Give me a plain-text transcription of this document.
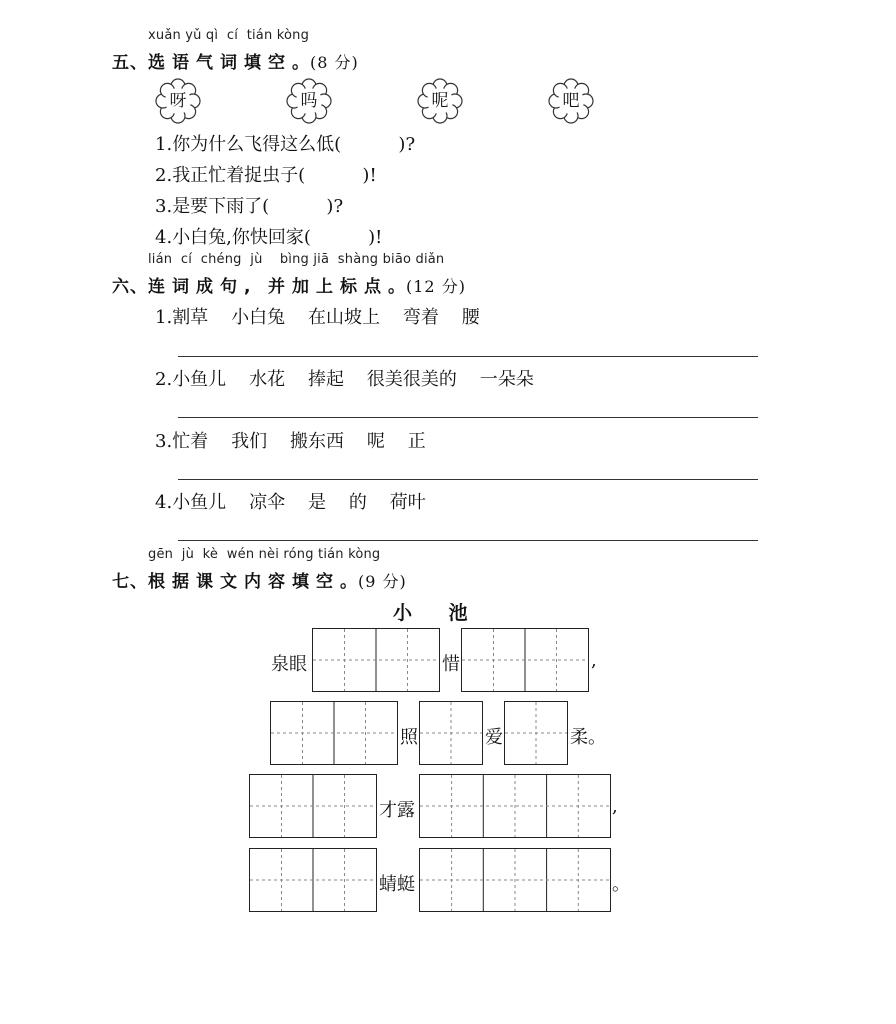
xuǎn yǔ qì  cí  tián kòng
五、选 语 气 词 填 空 。(8 分)
呀	吗	呢	吧
1.你为什么飞得这么低(          )?
2.我正忙着捉虫子(          )!
3.是要下雨了(          )?
4.小白兔,你快回家(          )!
lián  cí  chéng  jù    bìng jiā  shàng biāo diǎn
六、连 词 成 句 , 并 加 上 标 点 。(12 分)
1.割草    小白兔    在山坡上    弯着    腰
2.小鱼儿    水花    捧起    很美很美的    一朵朵
3.忙着    我们    搬东西    呢    正
4.小鱼儿    凉伞    是    的    荷叶
gēn  jù  kè  wén nèi róng tián kòng
七、根 据 课 文 内 容 填 空 。(9 分)
小    池
泉眼	惜	,
照	爱	柔。
才露	,
蜻蜓	。
